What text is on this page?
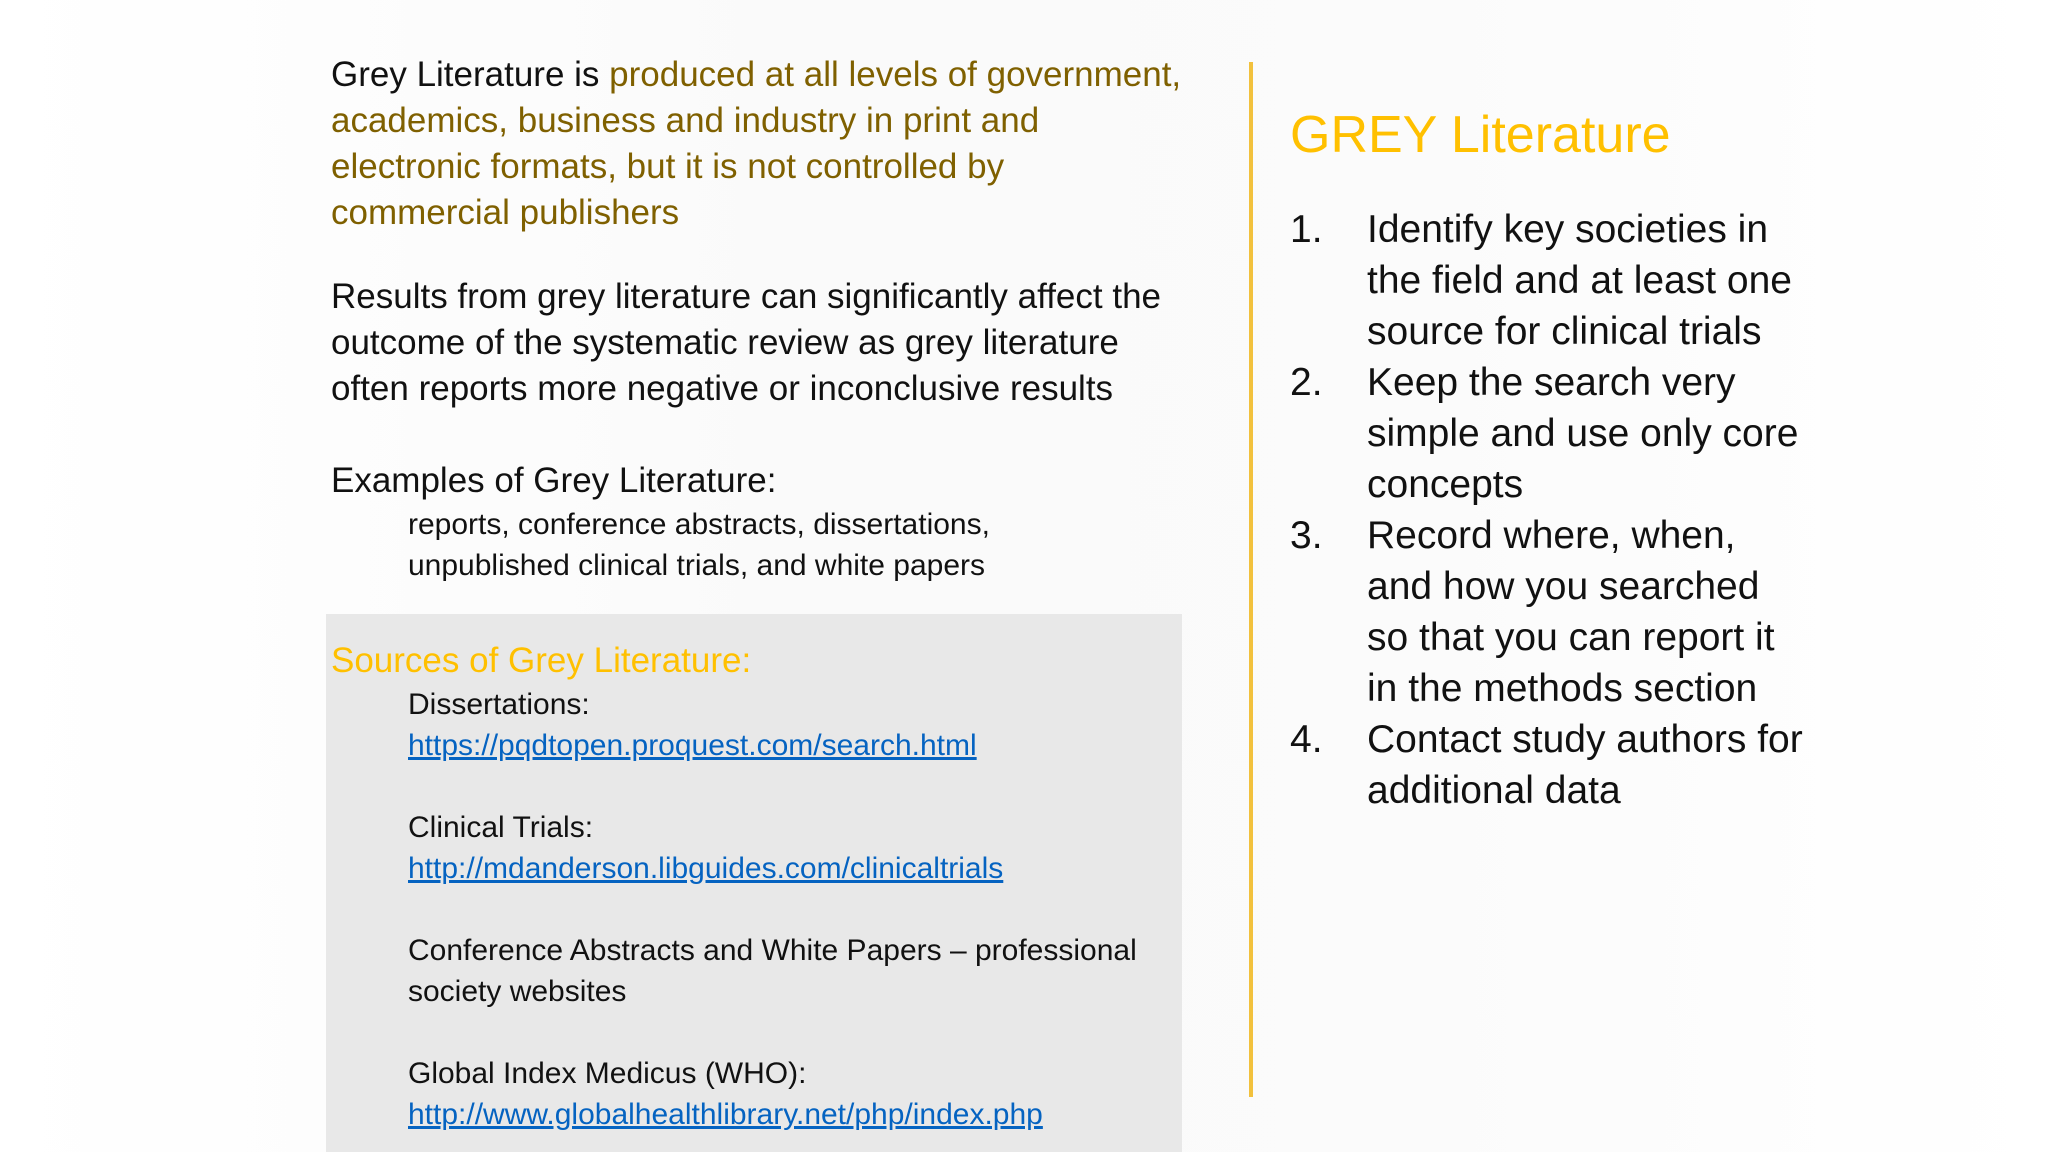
Grey Literature is produced at all levels of government, academics, business and industry in print and electronic formats, but it is not controlled by commercial publishers

Results from grey literature can significantly affect the outcome of the systematic review as grey literature often reports more negative or inconclusive results

Examples of Grey Literature:

reports, conference abstracts, dissertations,
unpublished clinical trials, and white papers

Sources of Grey Literature:

Dissertations:
https://pqdtopen.proquest.com/search.html
Clinical Trials:
http://mdanderson.libguides.com/clinicaltrials
Conference Abstracts and White Papers – professional society websites
Global Index Medicus (WHO):
http://www.globalhealthlibrary.net/php/index.php
GREY Literature
1.	Identify key societies in the field and at least one source for clinical trials
2.	Keep the search very simple and use only core concepts
3.	Record where, when, and how you searched so that you can report it in the methods section
4.	Contact study authors for additional data
